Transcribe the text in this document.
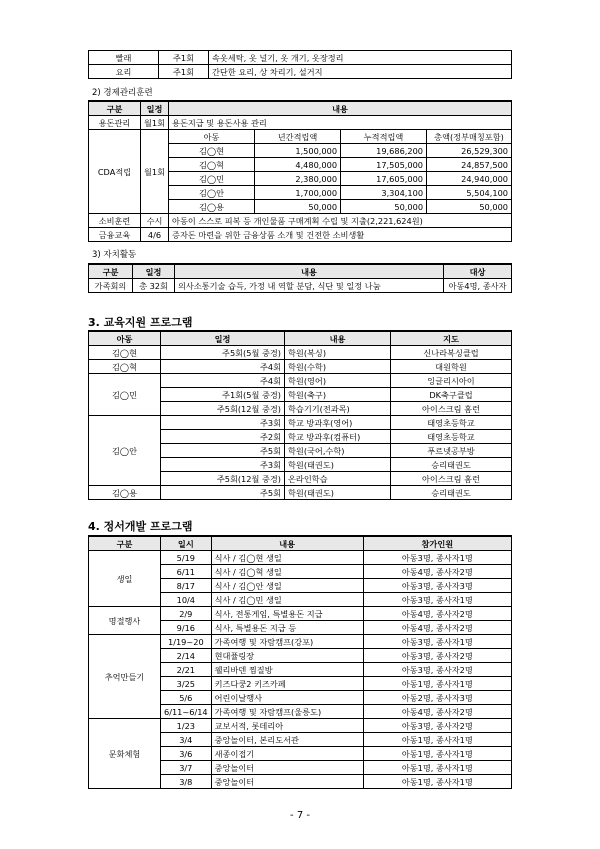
빨래	주1회	속옷세탁, 옷 널기, 옷 개기, 옷장정리
요리	주1회	간단한 요리, 상 차리기, 설거지
2) 경제관리훈련
구분	일정	내용			
용돈관리	월1회	용돈지급 및 용돈사용 관리			
CDA적립	월1회	아동	년간적립액	누적적립액	총액(정부매칭포함)
		김◯현	1,500,000	19,686,200	26,529,300
		김◯혁	4,480,000	17,505,000	24,857,500
		김◯민	2,380,000	17,605,000	24,940,000
		김◯안	1,700,000	3,304,100	5,504,100
		김◯용	50,000	50,000	50,000
소비훈련	수시	아동이 스스로 피복 등 개인물품 구매계획 수립 및 지출(2,221,624원)			
금융교육	4/6	증자돈 마련을 위한 금융상품 소개 및 건전한 소비생활			
3) 자치활동
구분	일정	내용	대상
가족회의	총 32회	의사소통기술 습득, 가정 내 역할 분담, 식단 및 일정 나눔	아동4명, 종사자
3. 교육지원 프로그램
아동	일정	내용	지도
김◯현	주5회(5월 중경)	학원(복싱)	신나라복싱클럽
김◯혁	주4회	학원(수학)	대원학원
김◯민	주4회	학원(영어)	잉글리시아이
	주1회(5월 중경)	학원(축구)	DK축구클럽
	주5회(12월 중경)	학습기기(전과목)	아이스크림 홈런
김◯안	주3회	학교 방과후(영어)	태영초등학교
	주2회	학교 방과후(컴퓨터)	태영초등학교
	주5회	학원(국어,수학)	푸르넷공부방
	주3회	학원(태권도)	승리태권도
	주5회(12월 중경)	온라인학습	아이스크림 홈런
김◯용	주5회	학원(태권도)	승리태권도
4. 정서개발 프로그램
구분	일시	내용	참가인원
생일	5/19	식사 / 김◯현 생일	아동3명, 종사자1명
	6/11	식사 / 김◯혁 생일	아동4명, 종사자2명
	8/17	식사 / 김◯안 생일	아동3명, 종사자3명
	10/4	식사 / 김◯민 생일	아동3명, 종사자1명
명절행사	2/9	식사, 전통게임, 특별용돈 지급	아동4명, 종사자2명
	9/16	식사, 특별용돈 지급 등	아동4명, 종사자2명
추억만들기	1/19~20	가족여행 및 자람캠프(강포)	아동3명, 종사자1명
	2/14	현대퓰링장	아동3명, 종사자2명
	2/21	웰리바덴 찜질방	아동3명, 종사자2명
	3/25	키즈다쿵2 키즈카페	아동1명, 종사자1명
	5/6	어린이날행사	아동2명, 종사자3명
	6/11~6/14	가족여행 및 자람캠프(울릉도)	아동4명, 종사자2명
문화체험	1/23	교보서적, 롯데리아	아동3명, 종사자2명
	3/4	중앙놀이터, 본리도서관	아동1명, 종사자1명
	3/6	새종이접기	아동1명, 종사자1명
	3/7	중앙놀이터	아동1명, 종사자1명
	3/8	중앙놀이터	아동1명, 종사자1명
- 7 -
